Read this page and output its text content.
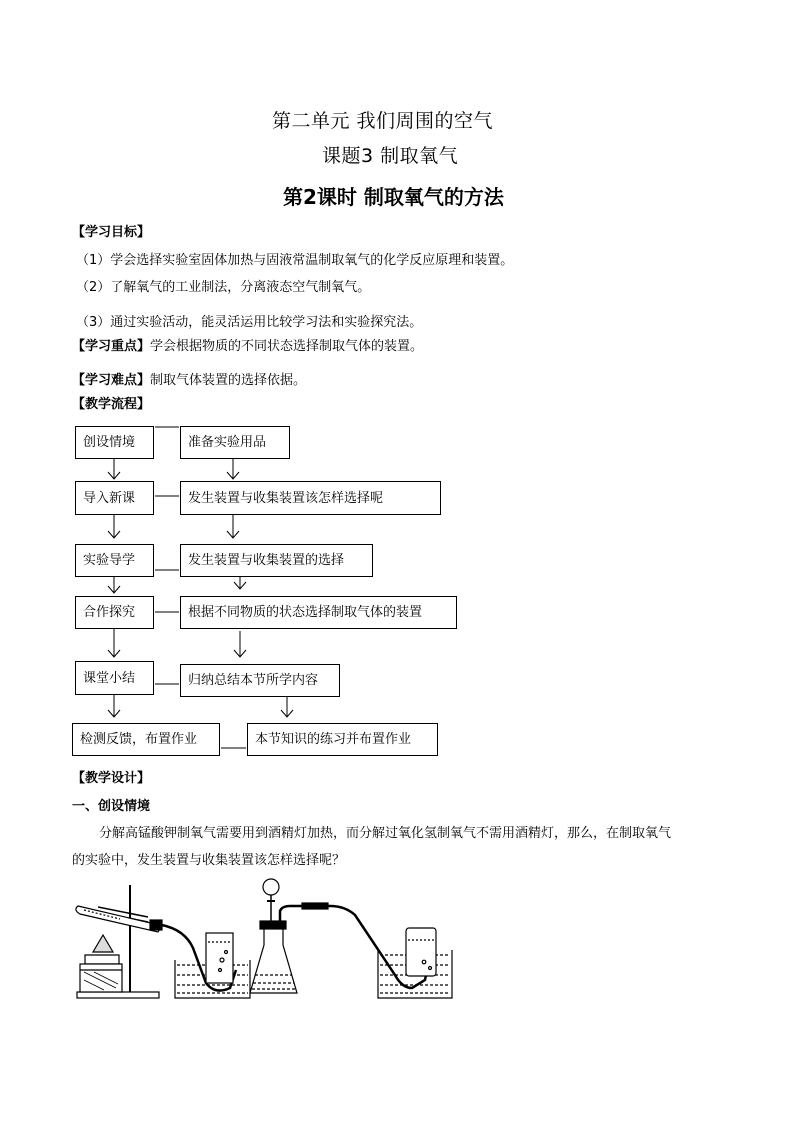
第二单元 我们周围的空气
课题3 制取氧气
第2课时 制取氧气的方法
【学习目标】
（1）学会选择实验室固体加热与固液常温制取氧气的化学反应原理和装置。
（2）了解氧气的工业制法，分离液态空气制氧气。
（3）通过实验活动，能灵活运用比较学习法和实验探究法。
【学习重点】学会根据物质的不同状态选择制取气体的装置。
【学习难点】制取气体装置的选择依据。
【教学流程】
创设情境
导入新课
实验导学
合作探究
课堂小结
检测反馈，布置作业
准备实验用品
发生装置与收集装置该怎样选择呢
发生装置与收集装置的选择
根据不同物质的状态选择制取气体的装置
归纳总结本节所学内容
本节知识的练习并布置作业
【教学设计】
一、创设情境
分解高锰酸钾制氧气需要用到酒精灯加热，而分解过氧化氢制氧气不需用酒精灯，那么，在制取氧气
的实验中，发生装置与收集装置该怎样选择呢？
